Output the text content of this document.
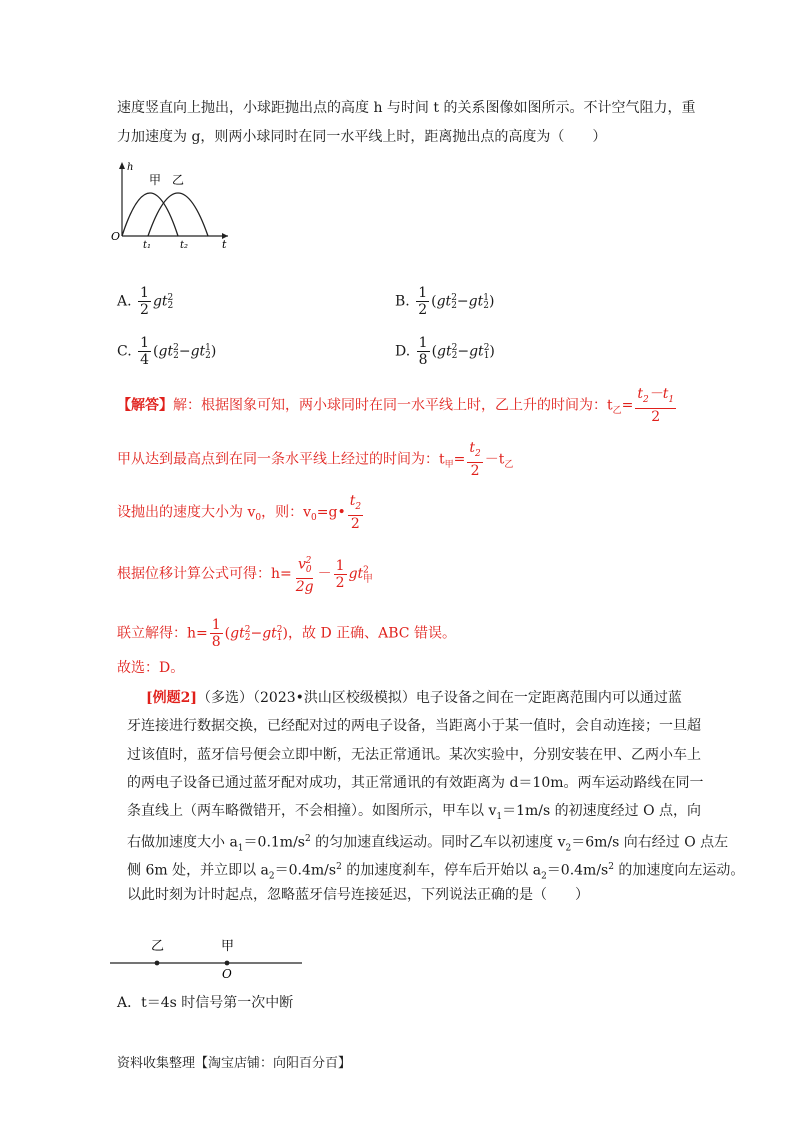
速度竖直向上抛出，小球距抛出点的高度 h 与时间 t 的关系图像如图所示。不计空气阻力，重
力加速度为 g，则两小球同时在同一水平线上时，距离抛出点的高度为（　　）
h
t
O
甲 乙
t₁	t₂
A. $\frac{1}{2}$ gt 2
2	B. $\frac{1}{2} (gt$ 2
2 −gt 1
2 )
C. $\frac{1}{4} (gt$ 2
2 −gt 1
2 )	D. $\frac{1}{8} (gt$ 2
2 −gt 2
1 )
【解答】解：根据图象可知，两小球同时在同一水平线上时，乙上升的时间为：$t_乙= \frac{t_2-t_1}{2}$
甲从达到最高点到在同一条水平线上经过的时间为：$t_甲= \frac{t_2}{2} -t_乙$
设抛出的速度大小为 $v_0$，则：$v_0=g• \frac{t_2}{2}$
根据位移计算公式可得：$h= \frac{v_0^2}{2g} - \frac{1}{2} gt^2_甲$
联立解得：$h= \frac{1}{8} (gt$ 2
2 −gt 2
1 )，故 D 正确、ABC 错误。
故选：D。
[例题2]（多选）（2023•洪山区校级模拟）电子设备之间在一定距离范围内可以通过蓝
牙连接进行数据交换，已经配对过的两电子设备，当距离小于某一值时，会自动连接；一旦超
过该值时，蓝牙信号便会立即中断，无法正常通讯。某次实验中，分别安装在甲、乙两小车上
的两电子设备已通过蓝牙配对成功，其正常通讯的有效距离为 d＝10m。两车运动路线在同一
条直线上（两车略微错开，不会相撞）。如图所示，甲车以 $v_1=1m/s$ 的初速度经过 O 点，向
右做加速度大小 $a_1=0.1m/s^2$ 的匀加速直线运动。同时乙车以初速度 $v_2=6m/s$ 向右经过 O 点左
侧 6m 处，并立即以 $a_2=0.4m/s^2$ 的加速度刹车，停车后开始以 $a_2=0.4m/s^2$ 的加速度向左运动。
以此时刻为计时起点，忽略蓝牙信号连接延迟，下列说法正确的是（　　）
乙	甲
O
A．t＝4s 时信号第一次中断
资料收集整理【淘宝店铺：向阳百分百】
